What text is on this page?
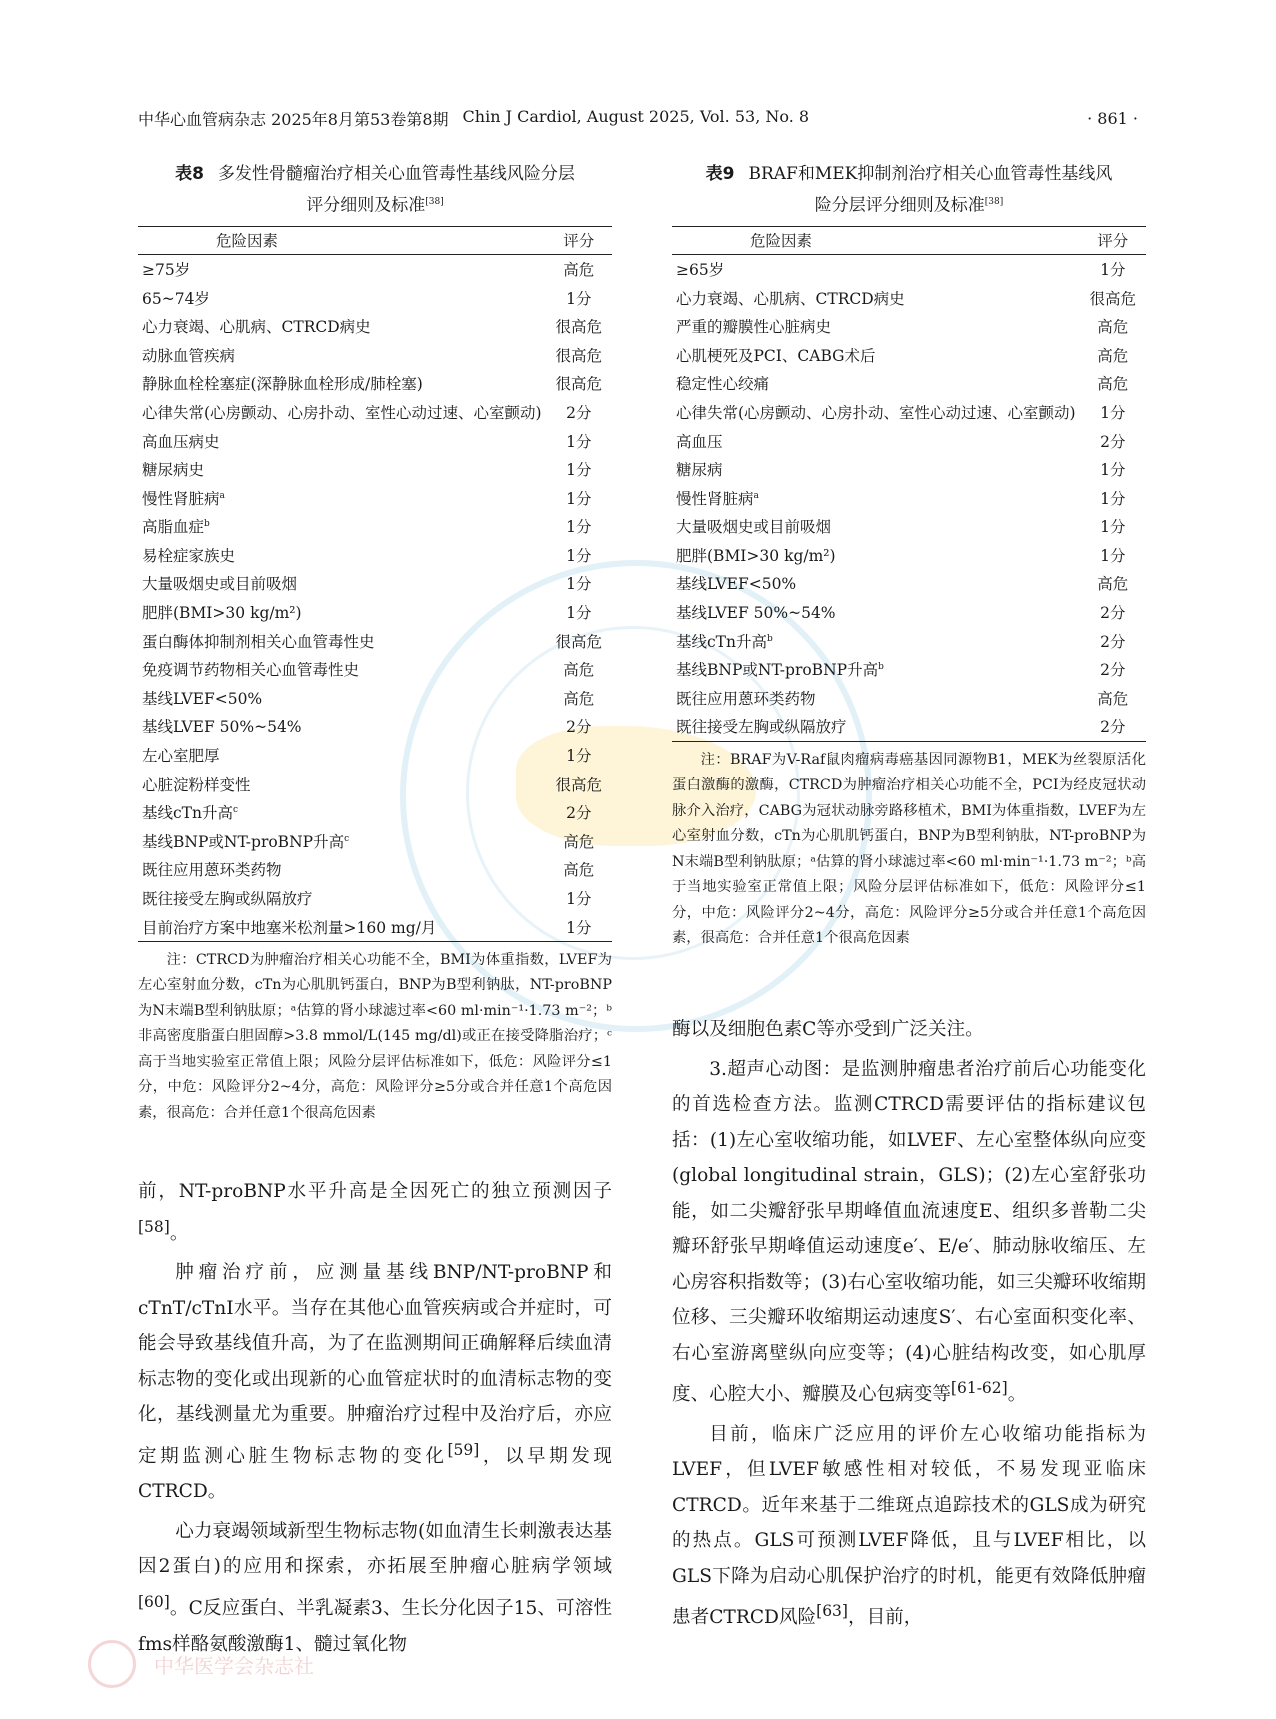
中华心血管病杂志 2025年8月第53卷第8期 Chin J Cardiol, August 2025, Vol. 53, No. 8	· 861 ·
表8 多发性骨髓瘤治疗相关心血管毒性基线风险分层评分细则及标准[38]
危险因素	评分
≥75岁	高危
65~74岁	1分
心力衰竭、心肌病、CTRCD病史	很高危
动脉血管疾病	很高危
静脉血栓栓塞症(深静脉血栓形成/肺栓塞)	很高危
心律失常(心房颤动、心房扑动、室性心动过速、心室颤动)	2分
高血压病史	1分
糖尿病史	1分
慢性肾脏病$^a$	1分
高脂血症$^b$	1分
易栓症家族史	1分
大量吸烟史或目前吸烟	1分
肥胖(BMI>30 kg/m²)	1分
蛋白酶体抑制剂相关心血管毒性史	很高危
免疫调节药物相关心血管毒性史	高危
基线LVEF<50%	高危
基线LVEF 50%~54%	2分
左心室肥厚	1分
心脏淀粉样变性	很高危
基线cTn升高$^c$	2分
基线BNP或NT-proBNP升高$^c$	高危
既往应用蒽环类药物	高危
既往接受左胸或纵隔放疗	1分
目前治疗方案中地塞米松剂量>160 mg/月	1分
注：CTRCD为肿瘤治疗相关心功能不全，BMI为体重指数，LVEF为左心室射血分数，cTn为心肌肌钙蛋白，BNP为B型利钠肽，NT-proBNP为N末端B型利钠肽原；ᵃ估算的肾小球滤过率<60 ml·min⁻¹·1.73 m⁻²；ᵇ非高密度脂蛋白胆固醇>3.8 mmol/L(145 mg/dl)或正在接受降脂治疗；ᶜ高于当地实验室正常值上限；风险分层评估标准如下，低危：风险评分≤1分，中危：风险评分2~4分，高危：风险评分≥5分或合并任意1个高危因素，很高危：合并任意1个很高危因素
表9 BRAF和MEK抑制剂治疗相关心血管毒性基线风险分层评分细则及标准[38]
危险因素	评分
≥65岁	1分
心力衰竭、心肌病、CTRCD病史	很高危
严重的瓣膜性心脏病史	高危
心肌梗死及PCI、CABG术后	高危
稳定性心绞痛	高危
心律失常(心房颤动、心房扑动、室性心动过速、心室颤动)	1分
高血压	2分
糖尿病	1分
慢性肾脏病$^a$	1分
大量吸烟史或目前吸烟	1分
肥胖(BMI>30 kg/m²)	1分
基线LVEF<50%	高危
基线LVEF 50%~54%	2分
基线cTn升高$^b$	2分
基线BNP或NT-proBNP升高$^b$	2分
既往应用蒽环类药物	高危
既往接受左胸或纵隔放疗	2分
注：BRAF为V-Raf鼠肉瘤病毒癌基因同源物B1，MEK为丝裂原活化蛋白激酶的激酶，CTRCD为肿瘤治疗相关心功能不全，PCI为经皮冠状动脉介入治疗，CABG为冠状动脉旁路移植术，BMI为体重指数，LVEF为左心室射血分数，cTn为心肌肌钙蛋白，BNP为B型利钠肽，NT-proBNP为N末端B型利钠肽原；ᵃ估算的肾小球滤过率<60 ml·min⁻¹·1.73 m⁻²；ᵇ高于当地实验室正常值上限；风险分层评估标准如下，低危：风险评分≤1分，中危：风险评分2~4分，高危：风险评分≥5分或合并任意1个高危因素，很高危：合并任意1个很高危因素

前，NT-proBNP水平升高是全因死亡的独立预测因子[58]。

肿瘤治疗前，应测量基线BNP/NT-proBNP和cTnT/cTnI水平。当存在其他心血管疾病或合并症时，可能会导致基线值升高，为了在监测期间正确解释后续血清标志物的变化或出现新的心血管症状时的血清标志物的变化，基线测量尤为重要。肿瘤治疗过程中及治疗后，亦应定期监测心脏生物标志物的变化[59]，以早期发现CTRCD。

心力衰竭领域新型生物标志物(如血清生长刺激表达基因2蛋白)的应用和探索，亦拓展至肿瘤心脏病学领域[60]。C反应蛋白、半乳凝素3、生长分化因子15、可溶性fms样酪氨酸激酶1、髓过氧化物

酶以及细胞色素C等亦受到广泛关注。

3.超声心动图：是监测肿瘤患者治疗前后心功能变化的首选检查方法。监测CTRCD需要评估的指标建议包括：(1)左心室收缩功能，如LVEF、左心室整体纵向应变(global longitudinal strain，GLS)；(2)左心室舒张功能，如二尖瓣舒张早期峰值血流速度E、组织多普勒二尖瓣环舒张早期峰值运动速度e′、E/e′、肺动脉收缩压、左心房容积指数等；(3)右心室收缩功能，如三尖瓣环收缩期位移、三尖瓣环收缩期运动速度S′、右心室面积变化率、右心室游离壁纵向应变等；(4)心脏结构改变，如心肌厚度、心腔大小、瓣膜及心包病变等[61-62]。

目前，临床广泛应用的评价左心收缩功能指标为LVEF，但LVEF敏感性相对较低，不易发现亚临床CTRCD。近年来基于二维斑点追踪技术的GLS成为研究的热点。GLS可预测LVEF降低，且与LVEF相比，以GLS下降为启动心肌保护治疗的时机，能更有效降低肿瘤患者CTRCD风险[63]，目前，

中华医学会杂志社
